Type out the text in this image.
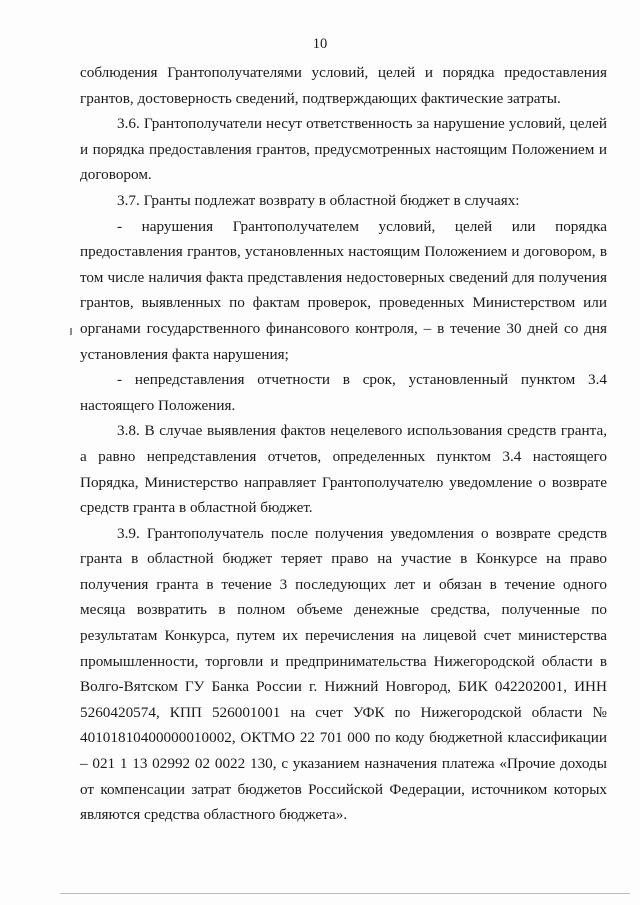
10

соблюдения Грантополучателями условий, целей и порядка предоставления грантов, достоверность сведений, подтверждающих фактические затраты.

3.6. Грантополучатели несут ответственность за нарушение условий, целей и порядка предоставления грантов, предусмотренных настоящим Положением и договором.

3.7. Гранты подлежат возврату в областной бюджет в случаях:

- нарушения Грантополучателем условий, целей или порядка предоставления грантов, установленных настоящим Положением и договором, в том числе наличия факта представления недостоверных сведений для получения грантов, выявленных по фактам проверок, проведенных Министерством или органами государственного финансового контроля, – в течение 30 дней со дня установления факта нарушения;

- непредставления отчетности в срок, установленный пунктом 3.4 настоящего Положения.

3.8. В случае выявления фактов нецелевого использования средств гранта, а равно непредставления отчетов, определенных пунктом 3.4 настоящего Порядка, Министерство направляет Грантополучателю уведомление о возврате средств гранта в областной бюджет.

3.9. Грантополучатель после получения уведомления о возврате средств гранта в областной бюджет теряет право на участие в Конкурсе на право получения гранта в течение 3 последующих лет и обязан в течение одного месяца возвратить в полном объеме денежные средства, полученные по результатам Конкурса, путем их перечисления на лицевой счет министерства промышленности, торговли и предпринимательства Нижегородской области в Волго-Вятском ГУ Банка России г. Нижний Новгород, БИК 042202001, ИНН 5260420574, КПП 526001001 на счет УФК по Нижегородской области № 40101810400000010002, ОКТМО 22 701 000 по коду бюджетной классификации – 021 1 13 02992 02 0022 130, с указанием назначения платежа «Прочие доходы от компенсации затрат бюджетов Российской Федерации, источником которых являются средства областного бюджета».
